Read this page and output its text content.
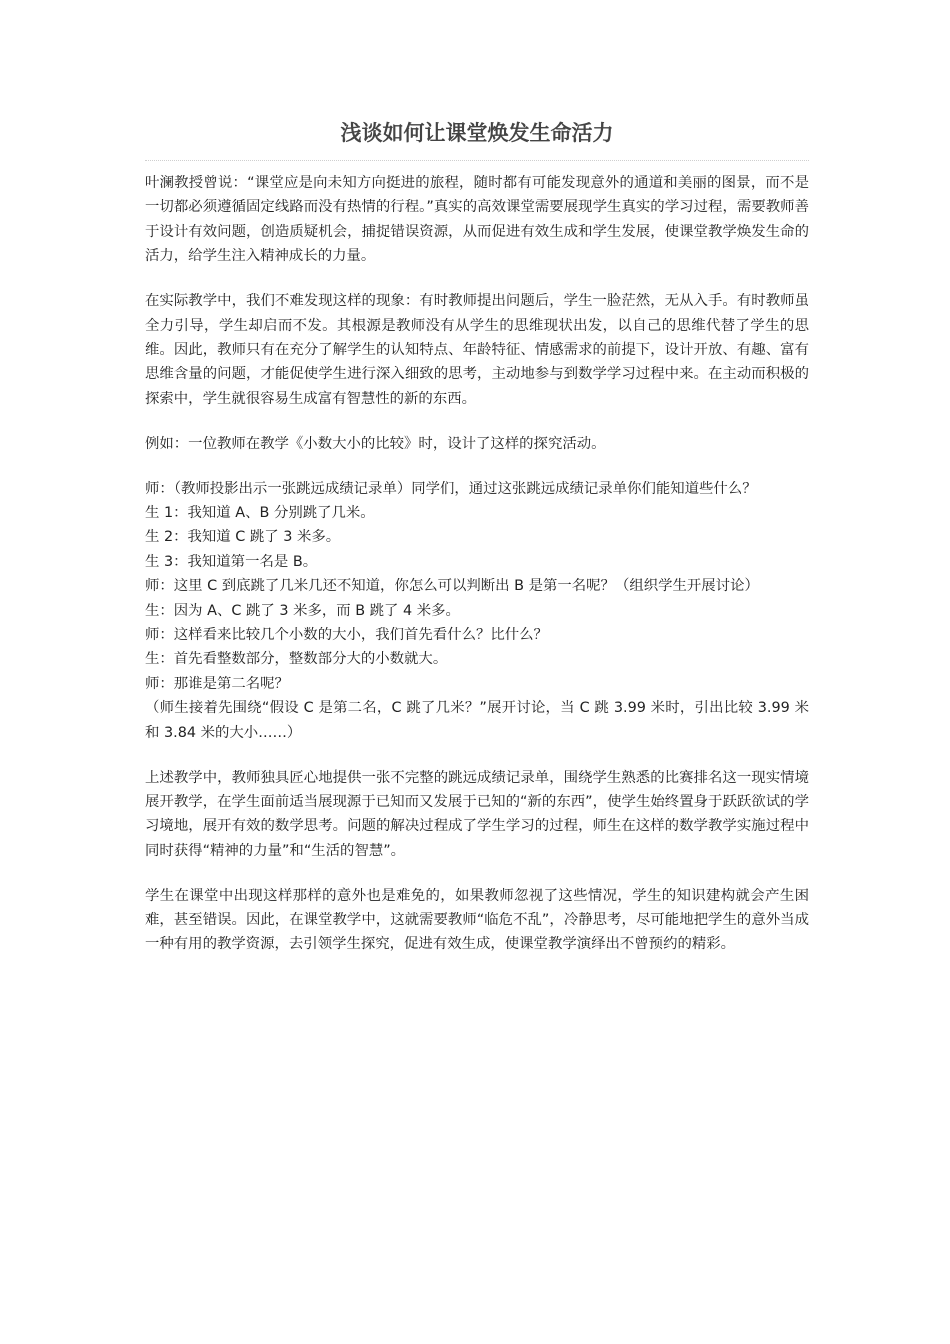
浅谈如何让课堂焕发生命活力

叶澜教授曾说：“课堂应是向未知方向挺进的旅程，随时都有可能发现意外的通道和美丽的图景，而不是一切都必须遵循固定线路而没有热情的行程。”真实的高效课堂需要展现学生真实的学习过程，需要教师善于设计有效问题，创造质疑机会，捕捉错误资源，从而促进有效生成和学生发展，使课堂教学焕发生命的活力，给学生注入精神成长的力量。

在实际教学中，我们不难发现这样的现象：有时教师提出问题后，学生一脸茫然，无从入手。有时教师虽全力引导，学生却启而不发。其根源是教师没有从学生的思维现状出发，以自己的思维代替了学生的思维。因此，教师只有在充分了解学生的认知特点、年龄特征、情感需求的前提下，设计开放、有趣、富有思维含量的问题，才能促使学生进行深入细致的思考，主动地参与到数学学习过程中来。在主动而积极的探索中，学生就很容易生成富有智慧性的新的东西。

例如：一位教师在教学《小数大小的比较》时，设计了这样的探究活动。

师：（教师投影出示一张跳远成绩记录单）同学们，通过这张跳远成绩记录单你们能知道些什么？
生 1：我知道 A、B 分别跳了几米。
生 2：我知道 C 跳了 3 米多。
生 3：我知道第一名是 B。
师：这里 C 到底跳了几米几还不知道，你怎么可以判断出 B 是第一名呢？（组织学生开展讨论）
生：因为 A、C 跳了 3 米多，而 B 跳了 4 米多。
师：这样看来比较几个小数的大小，我们首先看什么？比什么？
生：首先看整数部分，整数部分大的小数就大。
师：那谁是第二名呢？
（师生接着先围绕“假设 C 是第二名，C 跳了几米？”展开讨论，当 C 跳 3.99 米时，引出比较 3.99 米和 3.84 米的大小……）

上述教学中，教师独具匠心地提供一张不完整的跳远成绩记录单，围绕学生熟悉的比赛排名这一现实情境展开教学，在学生面前适当展现源于已知而又发展于已知的“新的东西”，使学生始终置身于跃跃欲试的学习境地，展开有效的数学思考。问题的解决过程成了学生学习的过程，师生在这样的数学教学实施过程中同时获得“精神的力量”和“生活的智慧”。

学生在课堂中出现这样那样的意外也是难免的，如果教师忽视了这些情况，学生的知识建构就会产生困难，甚至错误。因此，在课堂教学中，这就需要教师“临危不乱”，冷静思考，尽可能地把学生的意外当成一种有用的教学资源，去引领学生探究，促进有效生成，使课堂教学演绎出不曾预约的精彩。
